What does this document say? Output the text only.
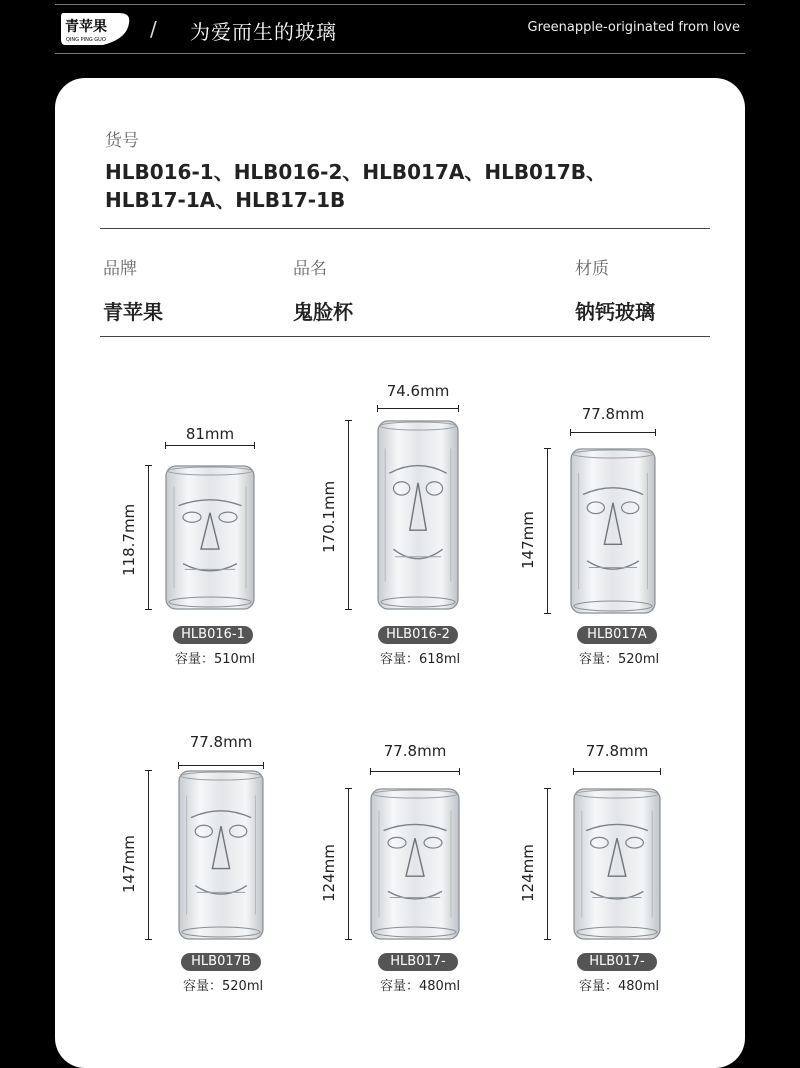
青苹果
QING PING GUO / 为爱而生的玻璃	Greenapple-originated from love
货号
HLB016-1、HLB016-2、HLB017A、HLB017B、
HLB17-1A、HLB17-1B
品牌
青苹果
品名
鬼脸杯
材质
钠钙玻璃
81mm
118.7mm
HLB016-1
容量：510ml
74.6mm
170.1mm
HLB016-2
容量：618ml
77.8mm
147mm
HLB017A
容量：520ml
77.8mm
147mm
HLB017B
容量：520ml
77.8mm
124mm
HLB017-1A
容量：480ml
77.8mm
124mm
HLB017-1B
容量：480ml
